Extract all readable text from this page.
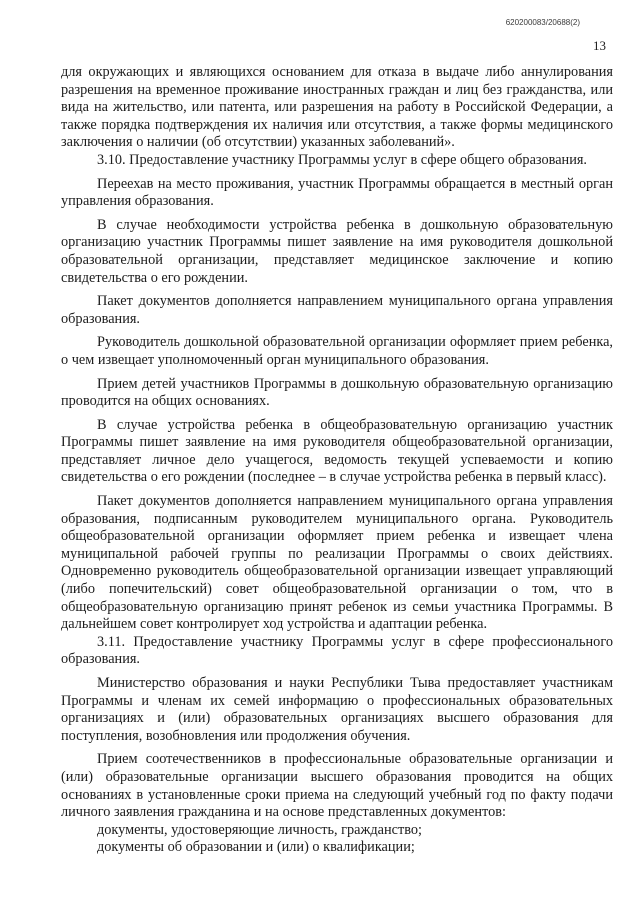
620200083/20688(2)
13

для окружающих и являющихся основанием для отказа в выдаче либо аннулирования разрешения на временное проживание иностранных граждан и лиц без гражданства, или вида на жительство, или патента, или разрешения на работу в Российской Федерации, а также порядка подтверждения их наличия или отсутствия, а также формы медицинского заключения о наличии (об отсутствии) указанных заболеваний».

3.10. Предоставление участнику Программы услуг в сфере общего образования.

Переехав на место проживания, участник Программы обращается в местный орган управления образования.

В случае необходимости устройства ребенка в дошкольную образовательную организацию участник Программы пишет заявление на имя руководителя дошкольной образовательной организации, представляет медицинское заключение и копию свидетельства о его рождении.

Пакет документов дополняется направлением муниципального органа управления образования.

Руководитель дошкольной образовательной организации оформляет прием ребенка, о чем извещает уполномоченный орган муниципального образования.

Прием детей участников Программы в дошкольную образовательную организацию проводится на общих основаниях.

В случае устройства ребенка в общеобразовательную организацию участник Программы пишет заявление на имя руководителя общеобразовательной организации, представляет личное дело учащегося, ведомость текущей успеваемости и копию свидетельства о его рождении (последнее – в случае устройства ребенка в первый класс).

Пакет документов дополняется направлением муниципального органа управления образования, подписанным руководителем муниципального органа. Руководитель общеобразовательной организации оформляет прием ребенка и извещает члена муниципальной рабочей группы по реализации Программы о своих действиях. Одновременно руководитель общеобразовательной организации извещает управляющий (либо попечительский) совет общеобразовательной организации о том, что в общеобразовательную организацию принят ребенок из семьи участника Программы. В дальнейшем совет контролирует ход устройства и адаптации ребенка.

3.11. Предоставление участнику Программы услуг в сфере профессионального образования.

Министерство образования и науки Республики Тыва предоставляет участникам Программы и членам их семей информацию о профессиональных образовательных организациях и (или) образовательных организациях высшего образования для поступления, возобновления или продолжения обучения.

Прием соотечественников в профессиональные образовательные организации и (или) образовательные организации высшего образования проводится на общих основаниях в установленные сроки приема на следующий учебный год по факту подачи личного заявления гражданина и на основе представленных документов:

документы, удостоверяющие личность, гражданство;

документы об образовании и (или) о квалификации;
